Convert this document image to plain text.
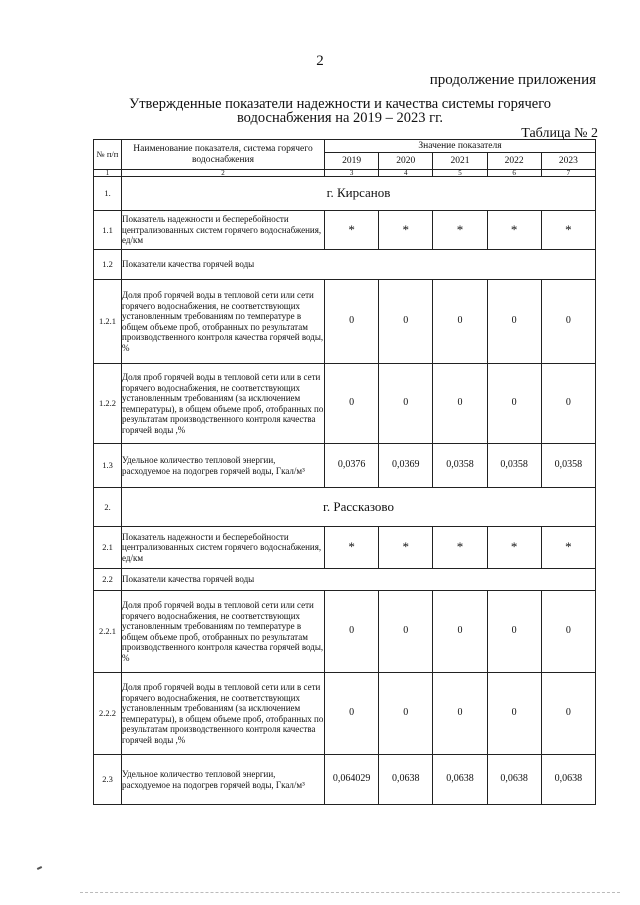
2
продолжение приложения
Утвержденные показатели надежности и качества системы горячего
водоснабжения на 2019 – 2023 гг.
Таблица № 2
№ п/п	Наименование показателя, система горячего водоснабжения	Значение показателя				
		2019	2020	2021	2022	2023
1	2	3	4	5	6	7
1.	г. Кирсанов					
1.1	Показатель надежности и бесперебойности централизованных систем горячего водоснабжения, ед/км	*	*	*	*	*
1.2	Показатели качества горячей воды					
1.2.1	Доля проб горячей воды в тепловой сети или сети горячего водоснабжения, не соответствующих установленным требованиям по температуре в общем объеме проб, отобранных по результатам производственного контроля качества горячей воды, %	0	0	0	0	0
1.2.2	Доля проб горячей воды в тепловой сети или в сети горячего водоснабжения, не соответствующих установленным требованиям (за исключением температуры), в общем объеме проб, отобранных по результатам производственного контроля качества горячей воды ,%	0	0	0	0	0
1.3	Удельное количество тепловой энергии, расходуемое на подогрев горячей воды, Гкал/м³	0,0376	0,0369	0,0358	0,0358	0,0358
2.	г. Рассказово					
2.1	Показатель надежности и бесперебойности централизованных систем горячего водоснабжения, ед/км	*	*	*	*	*
2.2	Показатели качества горячей воды					
2.2.1	Доля проб горячей воды в тепловой сети или сети горячего водоснабжения, не соответствующих установленным требованиям по температуре в общем объеме проб, отобранных по результатам производственного контроля качества горячей воды, %	0	0	0	0	0
2.2.2	Доля проб горячей воды в тепловой сети или в сети горячего водоснабжения, не соответствующих установленным требованиям (за исключением температуры), в общем объеме проб, отобранных по результатам производственного контроля качества горячей воды ,%	0	0	0	0	0
2.3	Удельное количество тепловой энергии, расходуемое на подогрев горячей воды, Гкал/м³	0,064029	0,0638	0,0638	0,0638	0,0638
